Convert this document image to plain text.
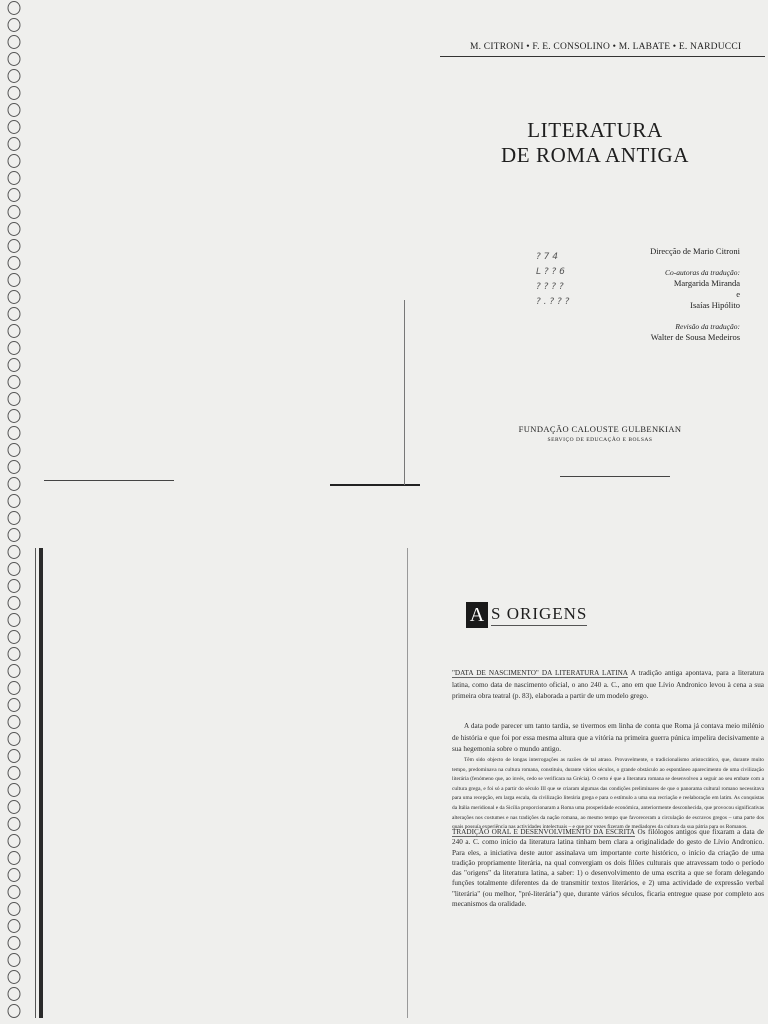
M. CITRONI • F. E. CONSOLINO • M. LABATE • E. NARDUCCI
LITERATURA
DE ROMA ANTIGA
? 7 4
L ? ? 6
? ? ? ?
? . ? ? ?
Direcção de Mario Citroni
Co-autoras da tradução:
Margarida Miranda
e
Isaías Hipólito
Revisão da tradução:
Walter de Sousa Medeiros
FUNDAÇÃO CALOUSTE GULBENKIAN
SERVIÇO DE EDUCAÇÃO E BOLSAS
A S ORIGENS
"DATA DE NASCIMENTO" DA LITERATURA LATINA A tradição antiga apontava, para a literatura latina, como data de nascimento oficial, o ano 240 a. C., ano em que Lívio Andronico levou à cena a sua primeira obra teatral (p. 83), elaborada a partir de um modelo grego.
A data pode parecer um tanto tardia, se tivermos em linha de conta que Roma já contava meio milénio de história e que foi por essa mesma altura que a vitória na primeira guerra púnica impelira decisivamente a sua hegemonia sobre o mundo antigo.
Têm sido objecto de longas interrogações as razões de tal atraso. Provavelmente, o tradicionalismo aristocrático, que, durante muito tempo, predominava na cultura romana, constituiu, durante vários séculos, o grande obstáculo ao espontâneo aparecimento de uma civilização literária (fenómeno que, ao invés, cedo se verificara na Grécia). O certo é que a literatura romana se desenvolveu a seguir ao seu embate com a cultura grega, e foi só a partir do século III que se criaram algumas das condições preliminares de que o panorama cultural romano necessitava para uma recepção, em larga escala, da civilização literária grega e para o estímulo a uma sua recriação e reelaboração em latim. As conquistas da Itália meridional e da Sicília proporcionaram a Roma uma prosperidade económica, anteriormente desconhecida, que provocou significativas alterações nos costumes e nas tradições da nação romana, ao mesmo tempo que favoreceram a circulação de escravos gregos – uma parte dos quais possuía experiência nas actividades intelectuais – e que por vezes fizeram de mediadores da cultura da sua pátria para os Romanos.
TRADIÇÃO ORAL E DESENVOLVIMENTO DA ESCRITA Os filólogos antigos que fixaram a data de 240 a. C. como início da literatura latina tinham bem clara a originalidade do gesto de Lívio Andronico. Para eles, a iniciativa deste autor assinalava um importante corte histórico, o início da criação de uma tradição propriamente literária, na qual convergiam os dois filões culturais que atravessam todo o período das "origens" da literatura latina, a saber: 1) o desenvolvimento de uma escrita a que se foram delegando funções totalmente diferentes da de transmitir textos literários, e 2) uma actividade de expressão verbal "literária" (ou melhor, "pré-literária") que, durante vários séculos, ficaria entregue quase por completo aos mecanismos da oralidade.
